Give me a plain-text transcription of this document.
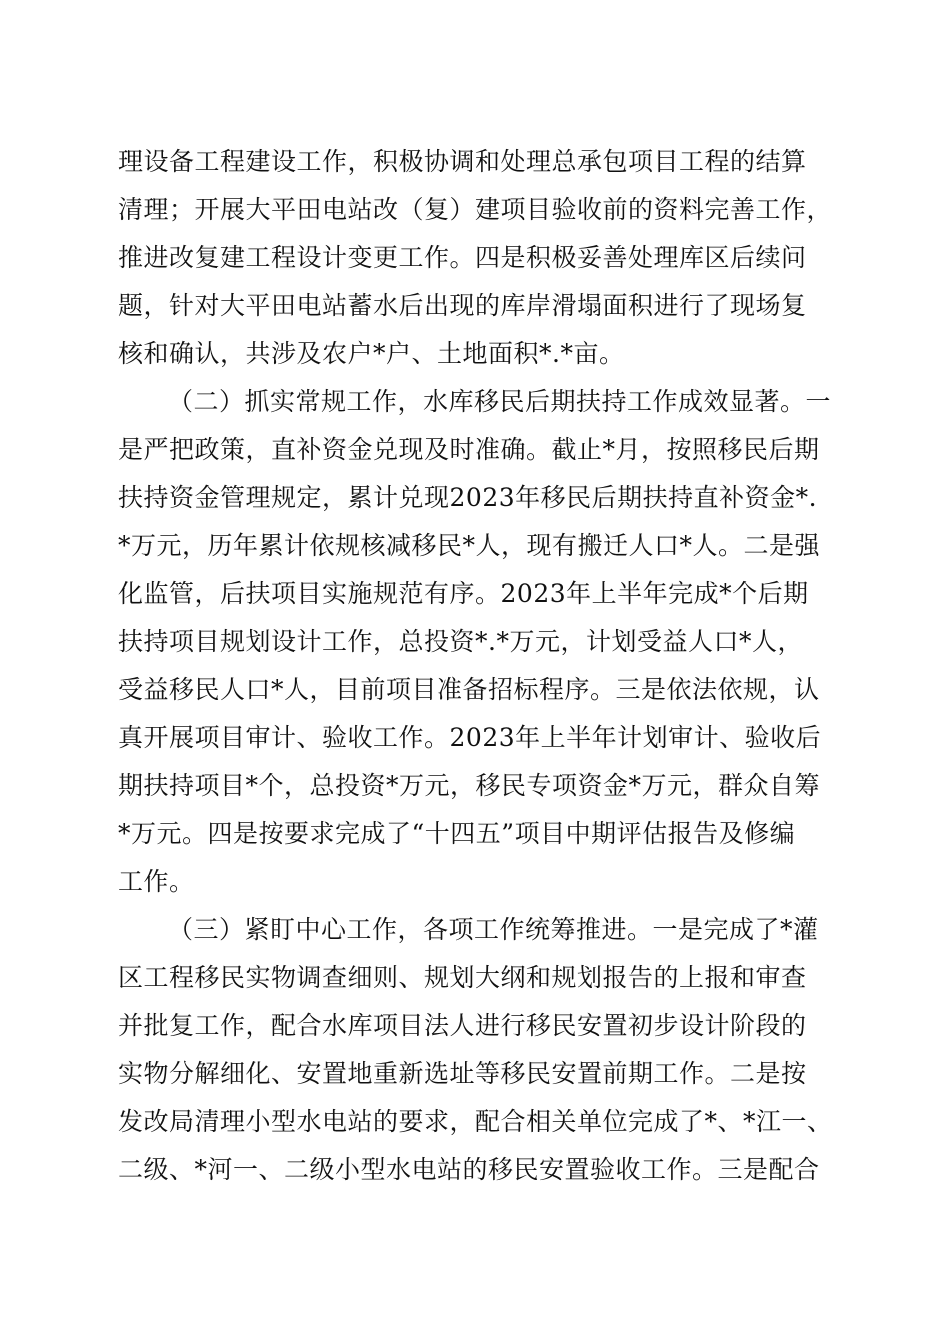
理设备工程建设工作，积极协调和处理总承包项目工程的结算
清理；开展大平田电站改（复）建项目验收前的资料完善工作，
推进改复建工程设计变更工作。四是积极妥善处理库区后续问
题，针对大平田电站蓄水后出现的库岸滑塌面积进行了现场复
核和确认，共涉及农户*户、土地面积*.*亩。
（二）抓实常规工作，水库移民后期扶持工作成效显著。一
是严把政策，直补资金兑现及时准确。截止*月，按照移民后期
扶持资金管理规定，累计兑现2023年移民后期扶持直补资金*.
*万元，历年累计依规核减移民*人，现有搬迁人口*人。二是强
化监管，后扶项目实施规范有序。2023年上半年完成*个后期
扶持项目规划设计工作，总投资*.*万元，计划受益人口*人，
受益移民人口*人，目前项目准备招标程序。三是依法依规，认
真开展项目审计、验收工作。2023年上半年计划审计、验收后
期扶持项目*个，总投资*万元，移民专项资金*万元，群众自筹
*万元。四是按要求完成了“十四五”项目中期评估报告及修编
工作。
（三）紧盯中心工作，各项工作统筹推进。一是完成了*灌
区工程移民实物调查细则、规划大纲和规划报告的上报和审查
并批复工作，配合水库项目法人进行移民安置初步设计阶段的
实物分解细化、安置地重新选址等移民安置前期工作。二是按
发改局清理小型水电站的要求，配合相关单位完成了*、*江一、
二级、*河一、二级小型水电站的移民安置验收工作。三是配合
